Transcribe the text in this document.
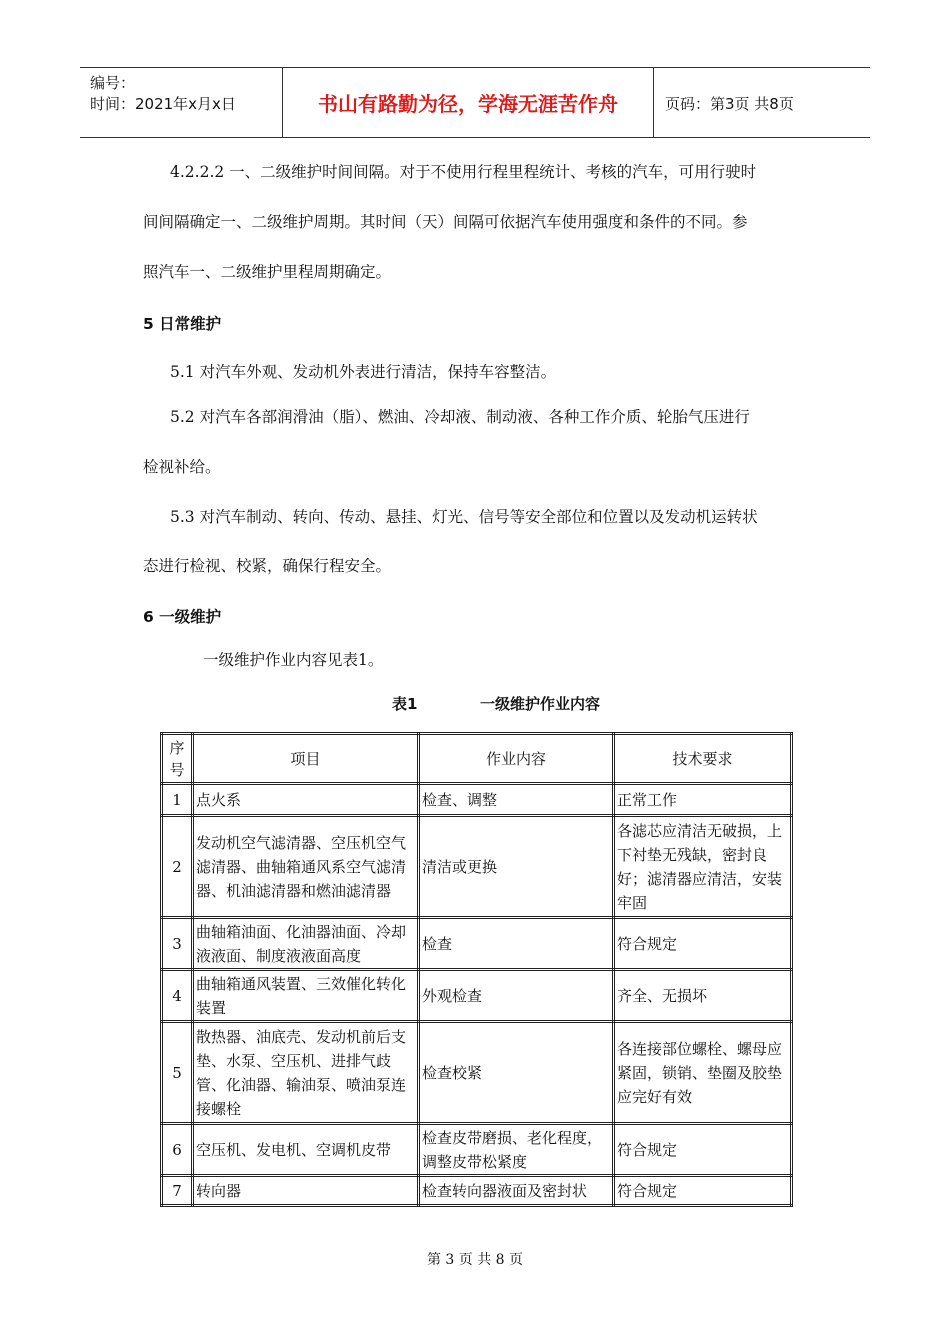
编号：
时间：2021年x月x日	书山有路勤为径，学海无涯苦作舟	页码：第3页 共8页
4.2.2.2 一、二级维护时间间隔。对于不使用行程里程统计、考核的汽车，可用行驶时
间间隔确定一、二级维护周期。其时间（天）间隔可依据汽车使用强度和条件的不同。参
照汽车一、二级维护里程周期确定。
5 日常维护
5.1 对汽车外观、发动机外表进行清洁，保持车容整洁。
5.2 对汽车各部润滑油（脂）、燃油、冷却液、制动液、各种工作介质、轮胎气压进行
检视补给。
5.3 对汽车制动、转向、传动、悬挂、灯光、信号等安全部位和位置以及发动机运转状
态进行检视、校紧，确保行程安全。
6 一级维护
一级维护作业内容见表1。
表1	一级维护作业内容
序号	项目	作业内容	技术要求
1	点火系	检查、调整	正常工作
2	发动机空气滤清器、空压机空气滤清器、曲轴箱通风系空气滤清器、机油滤清器和燃油滤清器	清洁或更换	各滤芯应清洁无破损，上下衬垫无残缺，密封良好；滤清器应清洁，安装牢固
3	曲轴箱油面、化油器油面、冷却液液面、制度液液面高度	检查	符合规定
4	曲轴箱通风装置、三效催化转化装置	外观检查	齐全、无损坏
5	散热器、油底壳、发动机前后支垫、水泵、空压机、进排气歧管、化油器、输油泵、喷油泵连接螺栓	检查校紧	各连接部位螺栓、螺母应紧固，锁销、垫圈及胶垫应完好有效
6	空压机、发电机、空调机皮带	检查皮带磨损、老化程度，调整皮带松紧度	符合规定
7	转向器	检查转向器液面及密封状	符合规定
第 3 页 共 8 页
